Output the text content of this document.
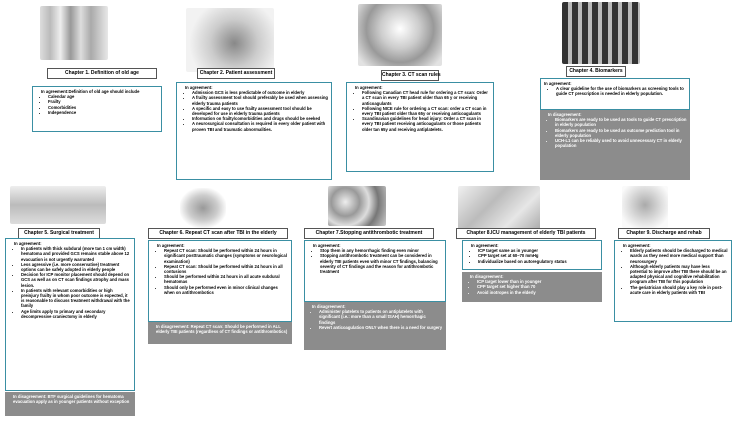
Chapter 1. Definition of old age	Chapter 2. Patient assessment	Chapter 3. CT scan rules
Chapter 4. Biomarkers
In agreement:Definition of old age should include
• Calendar age
• Frailty
• Comorbidities
• Independence
In agreement:
• Admission GCS is less predictable of outcome in elderly
• A frailty assessment tool should preferably be used when assessing elderly trauma patients
• A specific and easy to use frailty assessment tool should be developed for use in elderly trauma patients
• Information on frailty/comorbidities and drugs should be seeked
• A neurosurgical consultation is required in every older patient with proven TBI and traumatic abnormalities.
In agreement:
• Following Canadian CT head rule for ordering a CT scan: Order a CT scan in every TBI patient older than 65 y or receiving anticoagulants
• Following NICE rule for ordering a CT scan: order a CT scan in every TBI patient older than 65y or receiving anticoagulants
• Scandinavian guidelines for head injury: Order a CT scan in every TBI patient receiving anticoagulants or those patients older tan 65y and receiving antiplatelets.
In agreement:
• A clear guideline for the use of biomarkers as screening tools to guide CT prescription is needed in elderly population.
In disagreement:
• Biomarkers are ready to be used as tools to guide CT prescription in elderly population
• Biomarkers are ready to be used as outcome prediction tool in elderly population
• UCH-L1 can be reliably used to avoid unnecessary CT in elderly population
Chapter 5. Surgical treatment	Chapter 6. Repeat CT scan after TBI in the elderly	Chapter 7.Stopping antithrombotic treatment	Chapter 8.ICU management of elderly TBI patients	Chapter 9. Discharge and rehab
In agreement:
• In patients with thick subdural (more tan 1 cm width) hematoma and provided GCS remains stable above 12 evacuation is not urgently warranted
• Less agressive (i.e. more conservative) treatment options can be safely adopted in elderly people
• Decision for ICP monitor placement should depend on GCS as well as on CT scan findings atrophy and mass lesion.
• In patients with relevant comorbidities or high preinjury frailty in whom poor outcome is expected, it is reasonable to discuss treatment withdrawal with the family
• Age limits apply to primary and secondary decompressive craniectomy in elderly
In disagreement: BTF surgical guidelines for hematoma evacuation apply as in younger patients without exception
In agreement:
• Repeat CT scan: Should be performed within 24 hours in significant posttraumatic changes (symptoms or neurological examination)
• Repeat CT scan: Should be performed within 24 hours in all contusions
• Should be performed within 24 hours in all acute subdural hematomas
• Should only be performed even in minor clinical changes when on antithrombotics
In disagreement: Repeat CT scan: Should be performed in ALL elderly TBI patients (regardless of CT findings or antithrombotics)
In agreement:
• Stop them in any hemorrhagic finding even minor
• Stopping antithrombotic treatment can be considered in elderly TBI patients even with minor CT findings, balancing severity of CT findings and the reason for antithrombotic treatment
In disagreement:
• Administer platelets to patients on antiplatelets with significant (i.e.: more than a small tSAH) hemorrhagic findings
• Revert anticoagulation ONLY when there is a need for surgery
In agreement:
• ICP target same as in younger
• CPP target set at 60–70 mmHg
• Individualize based on autoregulatory status
In disagreement:
• ICP target lower than in younger
• CPP target set higher than 70
• Avoid inotropes in the elderly
In agreement:
• Elderly patients should be discharged to medical wards as they need more medical support than neurosurgery
• Although elderly patients may have less potential to improve after TBI there should be an adapted physical and cognitive rehabilitation program after TBI for this population
• The geriatrician should play a key role in post-acute care in elderly patients with TBI
